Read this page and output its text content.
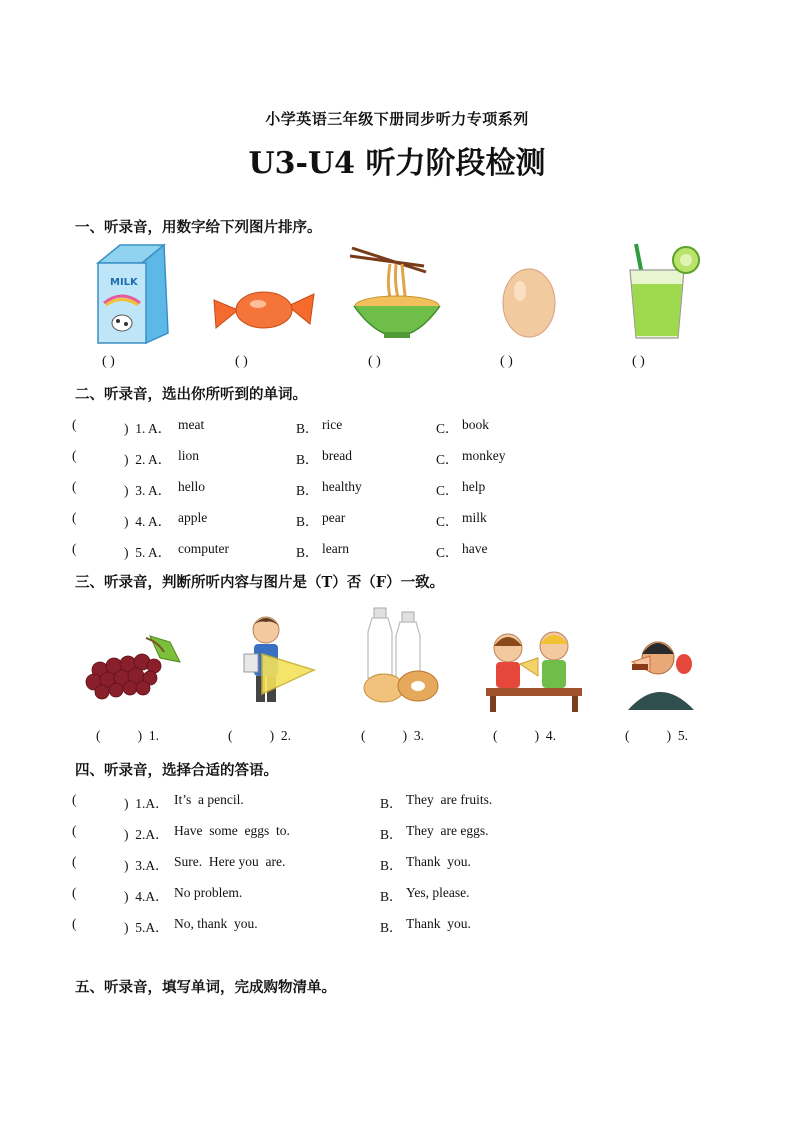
小学英语三年级下册同步听力专项系列
U3-U4 听力阶段检测
一、听录音，用数字给下列图片排序。
MILK
( )	( )	( )	( )	( )
二、听录音，选出你所听到的单词。
(	)  1. A． meat	B． rice	C． book
(	)  2. A． lion	B． bread	C． monkey
(	)  3. A． hello	B． healthy	C． help
(	)  4. A． apple	B． pear	C． milk
(	)  5. A． computer	B． learn	C． have
三、听录音，判断所听内容与图片是（T）否（F）一致。
(           )  1.	(           )  2.	(           )  3.	(           )  4.	(           )  5.
四、听录音，选择合适的答语。
(	)  1.A． It’s  a pencil.	B． They  are fruits.
(	)  2.A． Have  some  eggs  to.	B． They  are eggs.
(	)  3.A． Sure.  Here you  are.	B． Thank  you.
(	)  4.A． No problem.	B． Yes, please.
(	)  5.A． No, thank  you.	B． Thank  you.
五、听录音，填写单词，完成购物清单。
